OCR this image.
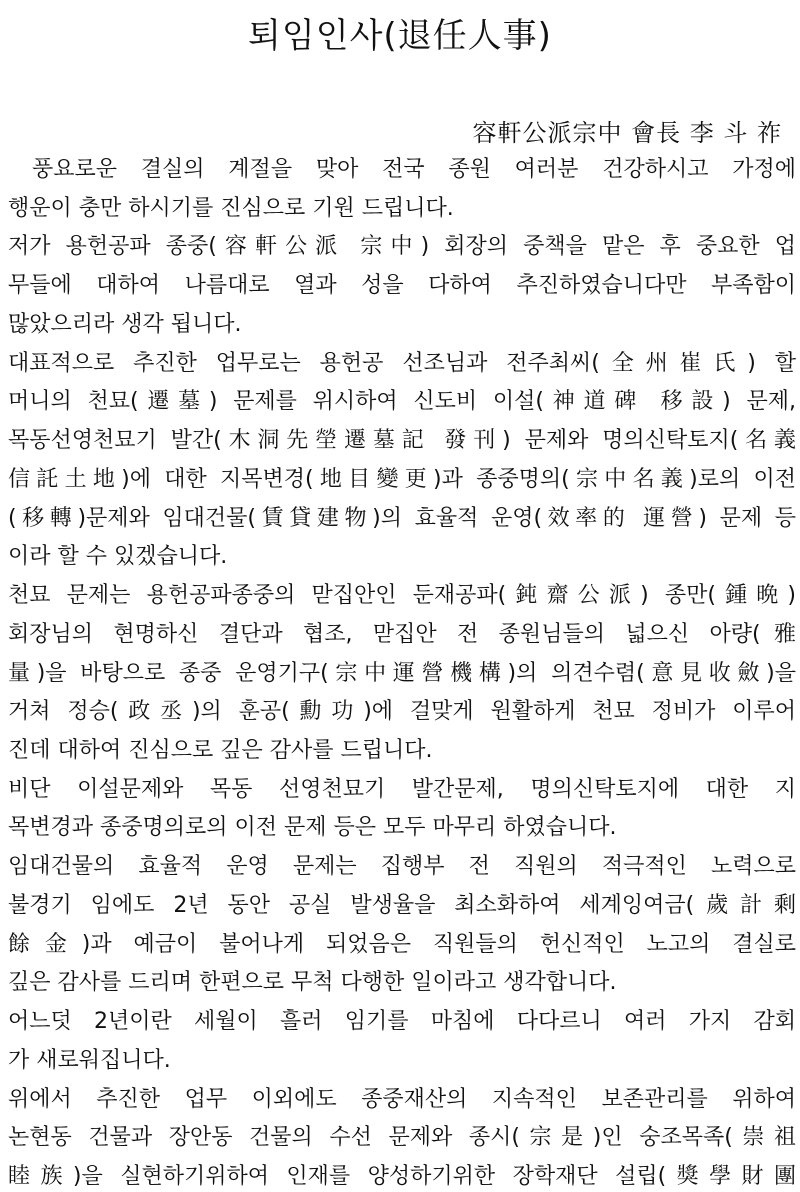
퇴임인사(退任人事)
容軒公派宗中 會長 李 斗 祚
풍요로운 결실의 계절을 맞아 전국 종원 여러분 건강하시고 가정에
행운이 충만 하시기를 진심으로 기원 드립니다.
저가 용헌공파 종중(容軒公派 宗中) 회장의 중책을 맡은 후 중요한 업
무들에 대하여 나름대로 열과 성을 다하여 추진하였습니다만 부족함이
많았으리라 생각 됩니다.
대표적으로 추진한 업무로는 용헌공 선조님과 전주최씨(全州崔氏) 할
머니의 천묘(遷墓) 문제를 위시하여 신도비 이설(神道碑 移設) 문제,
목동선영천묘기 발간(木洞先塋遷墓記 發刊) 문제와 명의신탁토지(名義
信託土地)에 대한 지목변경(地目變更)과 종중명의(宗中名義)로의 이전
(移轉)문제와 임대건물(賃貸建物)의 효율적 운영(效率的 運營) 문제 등
이라 할 수 있겠습니다.
천묘 문제는 용헌공파종중의 맏집안인 둔재공파(鈍齋公派) 종만(鍾晩)
회장님의 현명하신 결단과 협조, 맏집안 전 종원님들의 넓으신 아량(雅
量)을 바탕으로 종중 운영기구(宗中運營機構)의 의견수렴(意見收斂)을
거쳐 정승(政丞)의 훈공(勳功)에 걸맞게 원활하게 천묘 정비가 이루어
진데 대하여 진심으로 깊은 감사를 드립니다.
비단 이설문제와 목동 선영천묘기 발간문제, 명의신탁토지에 대한 지
목변경과 종중명의로의 이전 문제 등은 모두 마무리 하였습니다.
임대건물의 효율적 운영 문제는 집행부 전 직원의 적극적인 노력으로
불경기 임에도 2년 동안 공실 발생율을 최소화하여 세계잉여금(歲計剩
餘金)과 예금이 불어나게 되었음은 직원들의 헌신적인 노고의 결실로
깊은 감사를 드리며 한편으로 무척 다행한 일이라고 생각합니다.
어느덧 2년이란 세월이 흘러 임기를 마침에 다다르니 여러 가지 감회
가 새로워집니다.
위에서 추진한 업무 이외에도 종중재산의 지속적인 보존관리를 위하여
논현동 건물과 장안동 건물의 수선 문제와 종시(宗是)인 숭조목족(崇祖
睦族)을 실현하기위하여 인재를 양성하기위한 장학재단 설립(獎學財團
